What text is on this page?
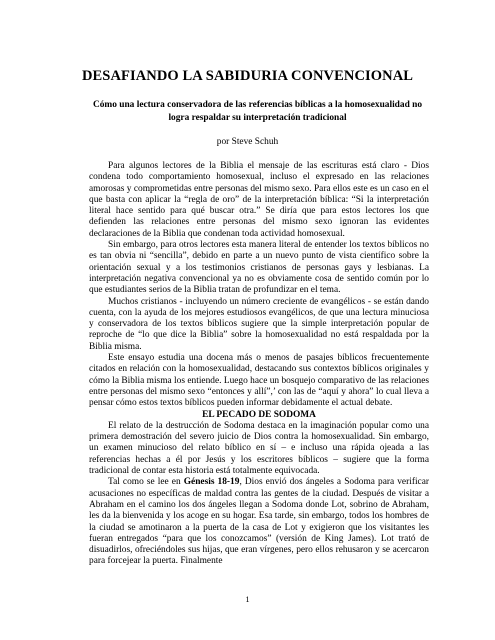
DESAFIANDO LA SABIDURIA CONVENCIONAL
Cómo una lectura conservadora de las referencias bíblicas a la homosexualidad no
logra respaldar su interpretación tradicional
por Steve Schuh

Para algunos lectores de la Biblia el mensaje de las escrituras está claro - Dios condena todo comportamiento homosexual, incluso el expresado en las relaciones amorosas y comprometidas entre personas del mismo sexo. Para ellos este es un caso en el que basta con aplicar la “regla de oro” de la interpretación bíblica: “Si la interpretación literal hace sentido para qué buscar otra.” Se diría que para estos lectores los que defienden las relaciones entre personas del mismo sexo ignoran las evidentes declaraciones de la Biblia que condenan toda actividad homosexual.

Sin embargo, para otros lectores esta manera literal de entender los textos bíblicos no es tan obvia ni “sencilla”, debido en parte a un nuevo punto de vista científico sobre la orientación sexual y a los testimonios cristianos de personas gays y lesbianas. La interpretación negativa convencional ya no es obviamente cosa de sentido común por lo que estudiantes serios de la Biblia tratan de profundizar en el tema.

Muchos cristianos - incluyendo un número creciente de evangélicos - se están dando cuenta, con la ayuda de los mejores estudiosos evangélicos, de que una lectura minuciosa y conservadora de los textos bíblicos sugiere que la simple interpretación popular de reproche de “lo que dice la Biblia” sobre la homosexualidad no está respaldada por la Biblia misma.

Este ensayo estudia una docena más o menos de pasajes bíblicos frecuentemente citados en relación con la homosexualidad, destacando sus contextos bíblicos originales y cómo la Biblia misma los entiende. Luego hace un bosquejo comparativo de las relaciones entre personas del mismo sexo “entonces y allí”,’ con las de “aquí y ahora” lo cual lleva a pensar cómo estos textos bíblicos pueden informar debidamente el actual debate.

EL PECADO DE SODOMA

El relato de la destrucción de Sodoma destaca en la imaginación popular como una primera demostración del severo juicio de Dios contra la homosexualidad. Sin embargo, un examen minucioso del relato bíblico en sí – e incluso una rápida ojeada a las referencias hechas a él por Jesús y los escritores bíblicos – sugiere que la forma tradicional de contar esta historia está totalmente equivocada.

Tal como se lee en Génesis 18-19, Dios envió dos ángeles a Sodoma para verificar acusaciones no específicas de maldad contra las gentes de la ciudad. Después de visitar a Abraham en el camino los dos ángeles llegan a Sodoma donde Lot, sobrino de Abraham, les da la bienvenida y los acoge en su hogar. Esa tarde, sin embargo, todos los hombres de la ciudad se amotinaron a la puerta de la casa de Lot y exigieron que los visitantes les fueran entregados “para que los conozcamos” (versión de King James). Lot trató de disuadirlos, ofreciéndoles sus hijas, que eran vírgenes, pero ellos rehusaron y se acercaron para forcejear la puerta. Finalmente

1
